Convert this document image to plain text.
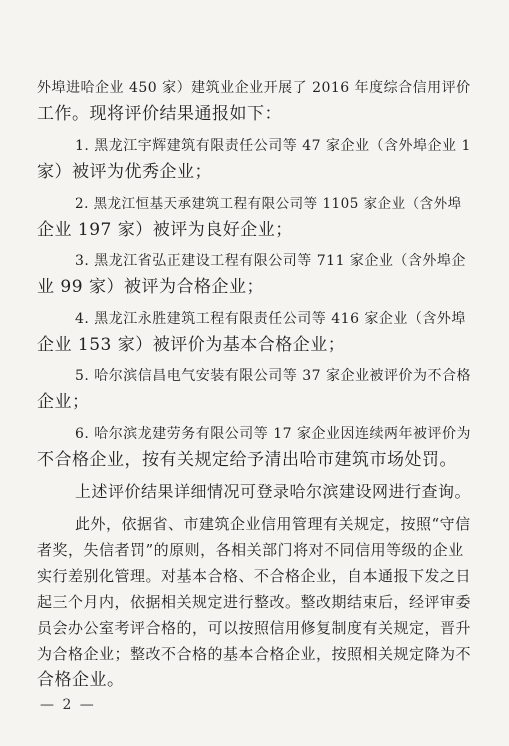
外埠进哈企业 450 家）建筑业企业开展了 2016 年度综合信用评价
工作。现将评价结果通报如下：
1. 黑龙江宇辉建筑有限责任公司等 47 家企业（含外埠企业 1
家）被评为优秀企业；
2. 黑龙江恒基天承建筑工程有限公司等 1105 家企业（含外埠
企业 197 家）被评为良好企业；
3. 黑龙江省弘正建设工程有限公司等 711 家企业（含外埠企
业 99 家）被评为合格企业；
4. 黑龙江永胜建筑工程有限责任公司等 416 家企业（含外埠
企业 153 家）被评价为基本合格企业；
5. 哈尔滨信昌电气安装有限公司等 37 家企业被评价为不合格
企业；
6. 哈尔滨龙建劳务有限公司等 17 家企业因连续两年被评价为
不合格企业，按有关规定给予清出哈市建筑市场处罚。
上述评价结果详细情况可登录哈尔滨建设网进行查询。
此外，依据省、市建筑企业信用管理有关规定，按照“守信
者奖，失信者罚”的原则，各相关部门将对不同信用等级的企业
实行差别化管理。对基本合格、不合格企业，自本通报下发之日
起三个月内，依据相关规定进行整改。整改期结束后，经评审委
员会办公室考评合格的，可以按照信用修复制度有关规定，晋升
为合格企业；整改不合格的基本合格企业，按照相关规定降为不
合格企业。
— 2 —
